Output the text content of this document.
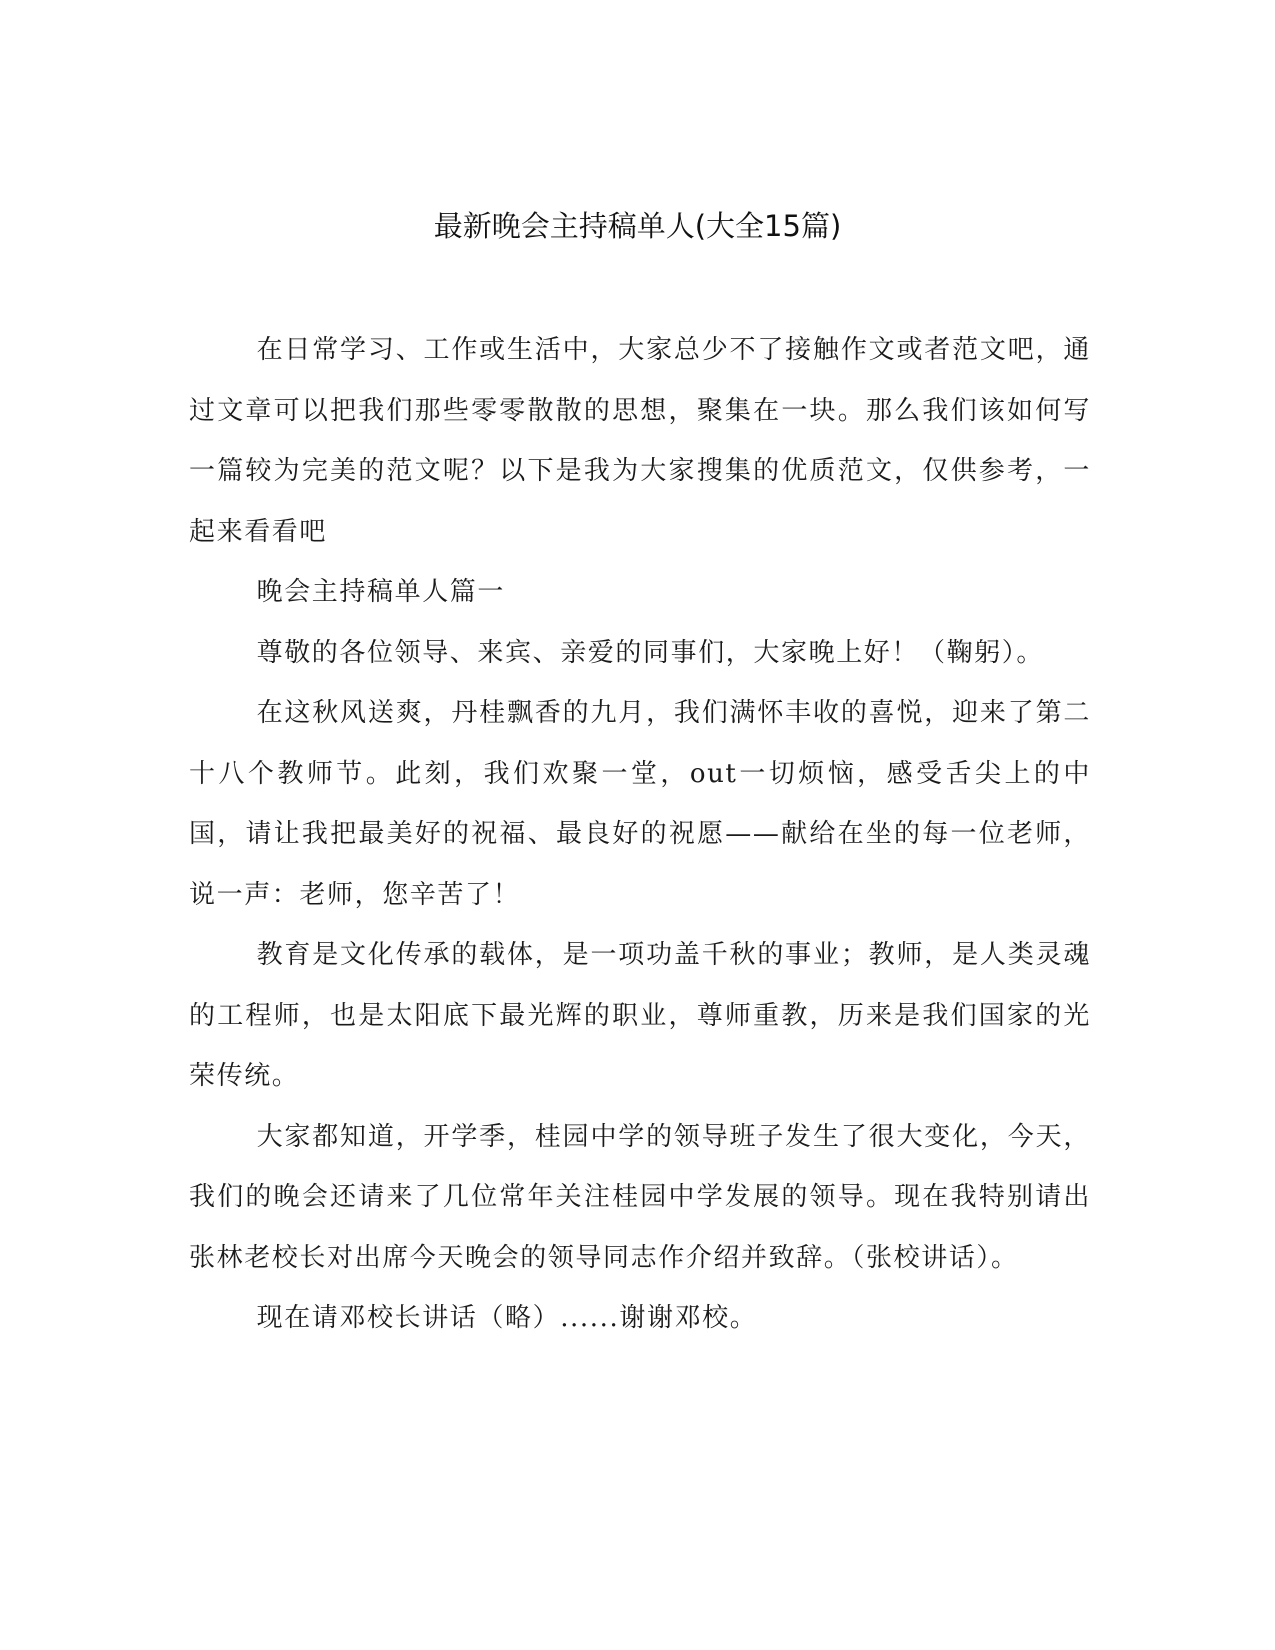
最新晚会主持稿单人(大全15篇)

在日常学习、工作或生活中，大家总少不了接触作文或者范文吧，通过文章可以把我们那些零零散散的思想，聚集在一块。那么我们该如何写一篇较为完美的范文呢？以下是我为大家搜集的优质范文，仅供参考，一起来看看吧

晚会主持稿单人篇一

尊敬的各位领导、来宾、亲爱的同事们，大家晚上好！（鞠躬）。

在这秋风送爽，丹桂飘香的九月，我们满怀丰收的喜悦，迎来了第二十八个教师节。此刻，我们欢聚一堂，out一切烦恼，感受舌尖上的中国，请让我把最美好的祝福、最良好的祝愿——献给在坐的每一位老师，说一声：老师，您辛苦了！

教育是文化传承的载体，是一项功盖千秋的事业；教师，是人类灵魂的工程师，也是太阳底下最光辉的职业，尊师重教，历来是我们国家的光荣传统。

大家都知道，开学季，桂园中学的领导班子发生了很大变化，今天，我们的晚会还请来了几位常年关注桂园中学发展的领导。现在我特别请出张林老校长对出席今天晚会的领导同志作介绍并致辞。（张校讲话）。

现在请邓校长讲话（略）......谢谢邓校。
